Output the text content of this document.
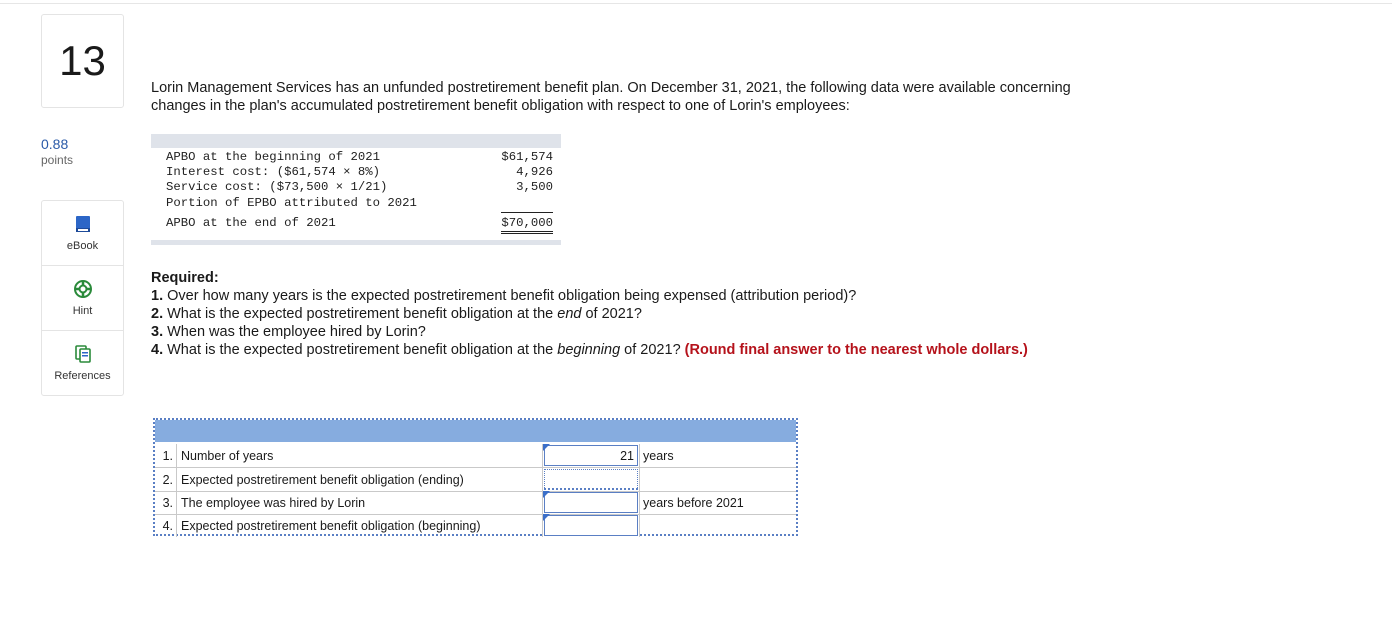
13
0.88
points
eBook
Hint
References
Lorin Management Services has an unfunded postretirement benefit plan. On December 31, 2021, the following data were available concerning changes in the plan's accumulated postretirement benefit obligation with respect to one of Lorin's employees:
APBO at the beginning of 2021	$61,574
Interest cost: ($61,574 × 8%)	4,926
Service cost: ($73,500 × 1/21)	3,500
Portion of EPBO attributed to 2021
APBO at the end of 2021	$70,000
Required:
1. Over how many years is the expected postretirement benefit obligation being expensed (attribution period)?
2. What is the expected postretirement benefit obligation at the end of 2021?
3. When was the employee hired by Lorin?
4. What is the expected postretirement benefit obligation at the beginning of 2021? (Round final answer to the nearest whole dollars.)
1. Number of years	21 years
2. Expected postretirement benefit obligation (ending)
3. The employee was hired by Lorin	years before 2021
4. Expected postretirement benefit obligation (beginning)
